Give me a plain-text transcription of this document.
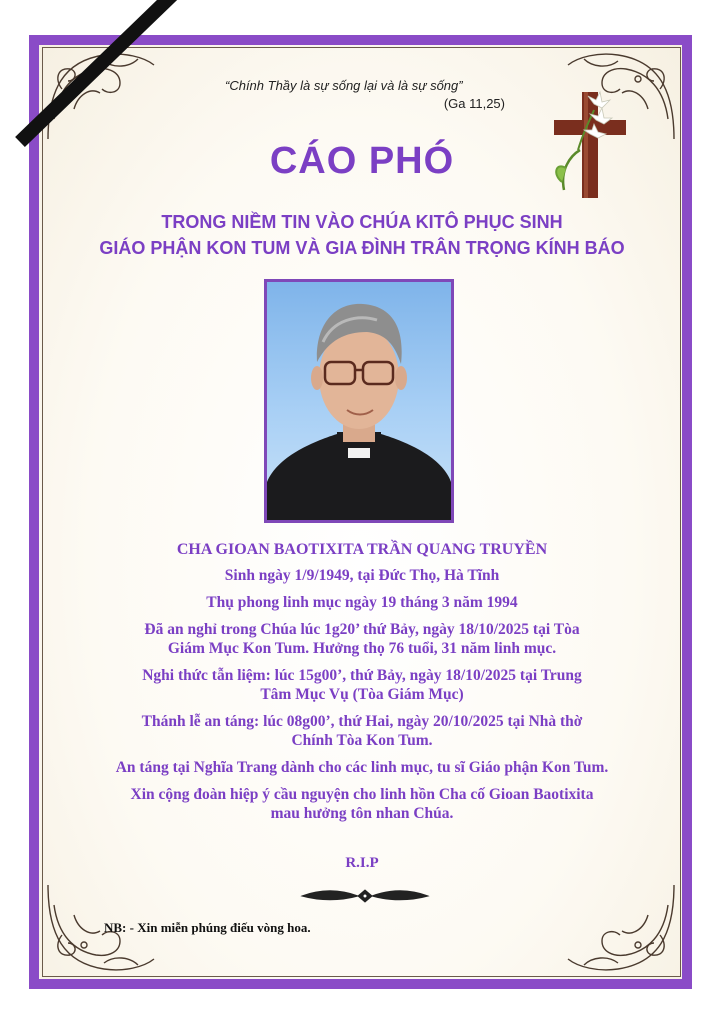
“Chính Thầy là sự sống lại và là sự sống”
(Ga 11,25)
CÁO PHÓ
TRONG NIỀM TIN VÀO CHÚA KITÔ PHỤC SINH
GIÁO PHẬN KON TUM VÀ GIA ĐÌNH TRÂN TRỌNG KÍNH BÁO
CHA GIOAN BAOTIXITA TRẦN QUANG TRUYỀN
Sinh ngày 1/9/1949, tại Đức Thọ, Hà Tĩnh
Thụ phong linh mục ngày 19 tháng 3 năm 1994
Đã an nghỉ trong Chúa lúc 1g20’ thứ Bảy, ngày 18/10/2025 tại Tòa
Giám Mục Kon Tum. Hưởng thọ 76 tuổi, 31 năm linh mục.
Nghi thức tẫn liệm: lúc 15g00’, thứ Bảy, ngày 18/10/2025 tại Trung
Tâm Mục Vụ (Tòa Giám Mục)
Thánh lễ an táng: lúc 08g00’, thứ Hai, ngày 20/10/2025 tại Nhà thờ
Chính Tòa Kon Tum.
An táng tại Nghĩa Trang dành cho các linh mục, tu sĩ Giáo phận Kon Tum.
Xin cộng đoàn hiệp ý cầu nguyện cho linh hồn Cha cố Gioan Baotixita
mau hưởng tôn nhan Chúa.
R.I.P
NB: - Xin miễn phúng điếu vòng hoa.
